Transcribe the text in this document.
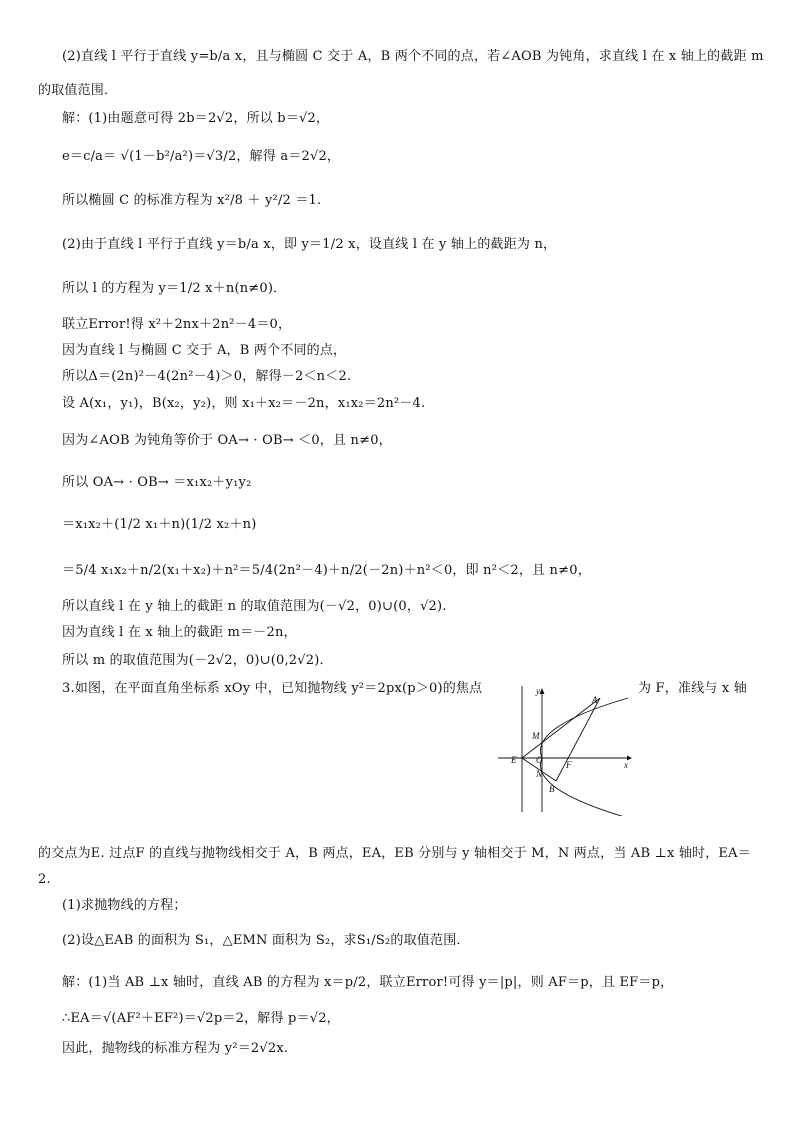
(2)直线 l 平行于直线 y=b/a x，且与椭圆 C 交于 A，B 两个不同的点，若∠AOB 为钝角，求直线 l 在 x 轴上的截距 m
的取值范围．
解：(1)由题意可得 2b＝2√2，所以 b＝√2，
e＝c/a＝ √(1－b²/a²)＝√3/2，解得 a＝2√2，
所以椭圆 C 的标准方程为 x²/8 ＋ y²/2 ＝1.
(2)由于直线 l 平行于直线 y＝b/a x，即 y＝1/2 x，设直线 l 在 y 轴上的截距为 n，
所以 l 的方程为 y＝1/2 x＋n(n≠0)．
联立Error!得 x²＋2nx＋2n²－4＝0，
因为直线 l 与椭圆 C 交于 A，B 两个不同的点，
所以Δ＝(2n)²－4(2n²－4)＞0，解得－2＜n＜2.
设 A(x₁，y₁)，B(x₂，y₂)，则 x₁＋x₂＝－2n，x₁x₂＝2n²－4.
因为∠AOB 为钝角等价于 OA→ · OB→ ＜0，且 n≠0，
所以 OA→ · OB→ ＝x₁x₂＋y₁y₂
＝x₁x₂＋(1/2 x₁＋n)(1/2 x₂＋n)
＝5/4 x₁x₂＋n/2(x₁＋x₂)＋n²＝5/4(2n²－4)＋n/2(－2n)＋n²＜0，即 n²＜2，且 n≠0，
所以直线 l 在 y 轴上的截距 n 的取值范围为(－√2，0)∪(0，√2).
因为直线 l 在 x 轴上的截距 m＝－2n，
所以 m 的取值范围为(－2√2，0)∪(0,2√2)．
3.如图，在平面直角坐标系 xOy 中，已知抛物线 y²＝2px(p＞0)的焦点
的交点为E. 过点F 的直线与抛物线相交于 A，B 两点，EA，EB 分别与 y 轴相交于 M，N 两点，当 AB ⊥x 轴时，EA＝
2.
(1)求抛物线的方程；
(2)设△EAB 的面积为 S₁，△EMN 面积为 S₂，求S₁/S₂的取值范围．
解：(1)当 AB ⊥x 轴时，直线 AB 的方程为 x＝p/2，联立Error!可得 y＝|p|，则 AF＝p，且 EF＝p，
∴EA＝√(AF²＋EF²)＝√2p＝2，解得 p＝√2，
因此，抛物线的标准方程为 y²＝2√2x.
为 F，准线与 x 轴
y
x
A
M
E O
N
F
B
